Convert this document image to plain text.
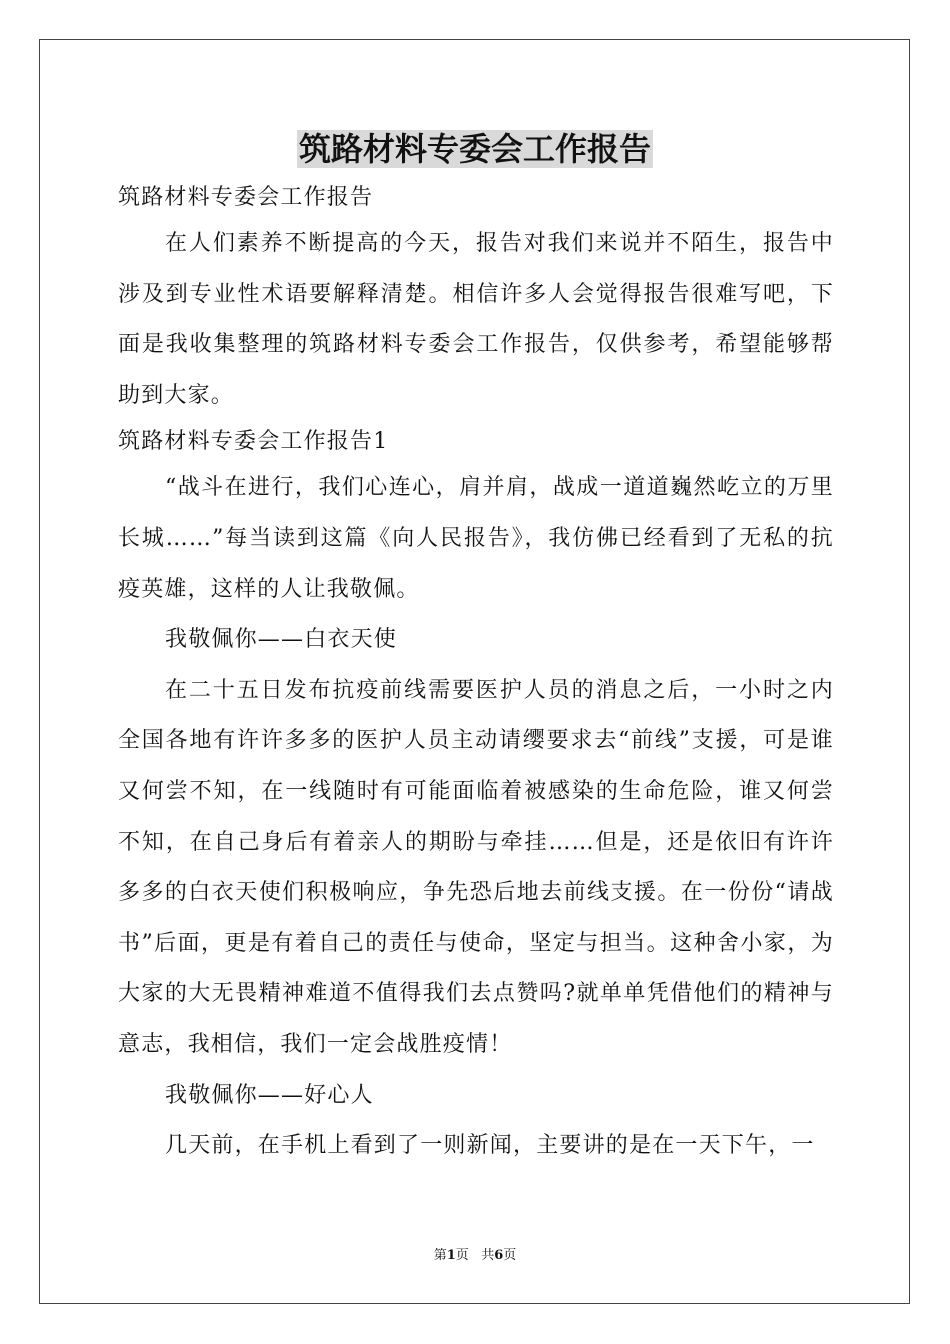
筑路材料专委会工作报告

筑路材料专委会工作报告

在人们素养不断提高的今天，报告对我们来说并不陌生，报告中涉及到专业性术语要解释清楚。相信许多人会觉得报告很难写吧，下面是我收集整理的筑路材料专委会工作报告，仅供参考，希望能够帮助到大家。

筑路材料专委会工作报告1

“战斗在进行，我们心连心，肩并肩，战成一道道巍然屹立的万里长城……”每当读到这篇《向人民报告》，我仿佛已经看到了无私的抗疫英雄，这样的人让我敬佩。

我敬佩你——白衣天使

在二十五日发布抗疫前线需要医护人员的消息之后，一小时之内全国各地有许许多多的医护人员主动请缨要求去“前线”支援，可是谁又何尝不知，在一线随时有可能面临着被感染的生命危险，谁又何尝不知，在自己身后有着亲人的期盼与牵挂……但是，还是依旧有许许多多的白衣天使们积极响应，争先恐后地去前线支援。在一份份“请战书”后面，更是有着自己的责任与使命，坚定与担当。这种舍小家，为大家的大无畏精神难道不值得我们去点赞吗?就单单凭借他们的精神与意志，我相信，我们一定会战胜疫情！

我敬佩你——好心人

几天前，在手机上看到了一则新闻，主要讲的是在一天下午，一

第1页 共6页
